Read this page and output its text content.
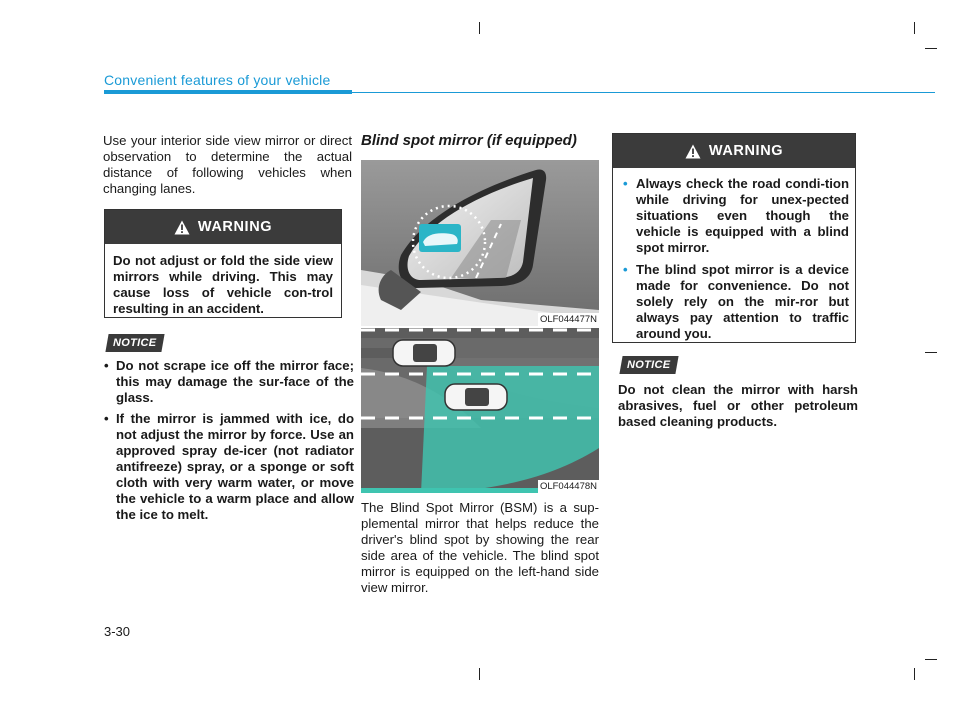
Convenient features of your vehicle

Use your interior side view mirror or direct observation to determine the actual distance of following vehicles when changing lanes.

WARNING

Do not adjust or fold the side view mirrors while driving. This may cause loss of vehicle con-trol resulting in an accident.

NOTICE
• Do not scrape ice off the mirror face; this may damage the sur-face of the glass.
• If the mirror is jammed with ice, do not adjust the mirror by force. Use an approved spray de-icer (not radiator antifreeze) spray, or a sponge or soft cloth with very warm water, or move the vehicle to a warm place and allow the ice to melt.
Blind spot mirror (if equipped)
OLF044477N
OLF044478N

The Blind Spot Mirror (BSM) is a sup-plemental mirror that helps reduce the driver's blind spot by showing the rear side area of the vehicle. The blind spot mirror is equipped on the left-hand side view mirror.

WARNING
• Always check the road condi-tion while driving for unex-pected situations even though the vehicle is equipped with a blind spot mirror.
• The blind spot mirror is a device made for convenience. Do not solely rely on the mir-ror but always pay attention to traffic around you.
NOTICE

Do not clean the mirror with harsh abrasives, fuel or other petroleum based cleaning products.

3-30
